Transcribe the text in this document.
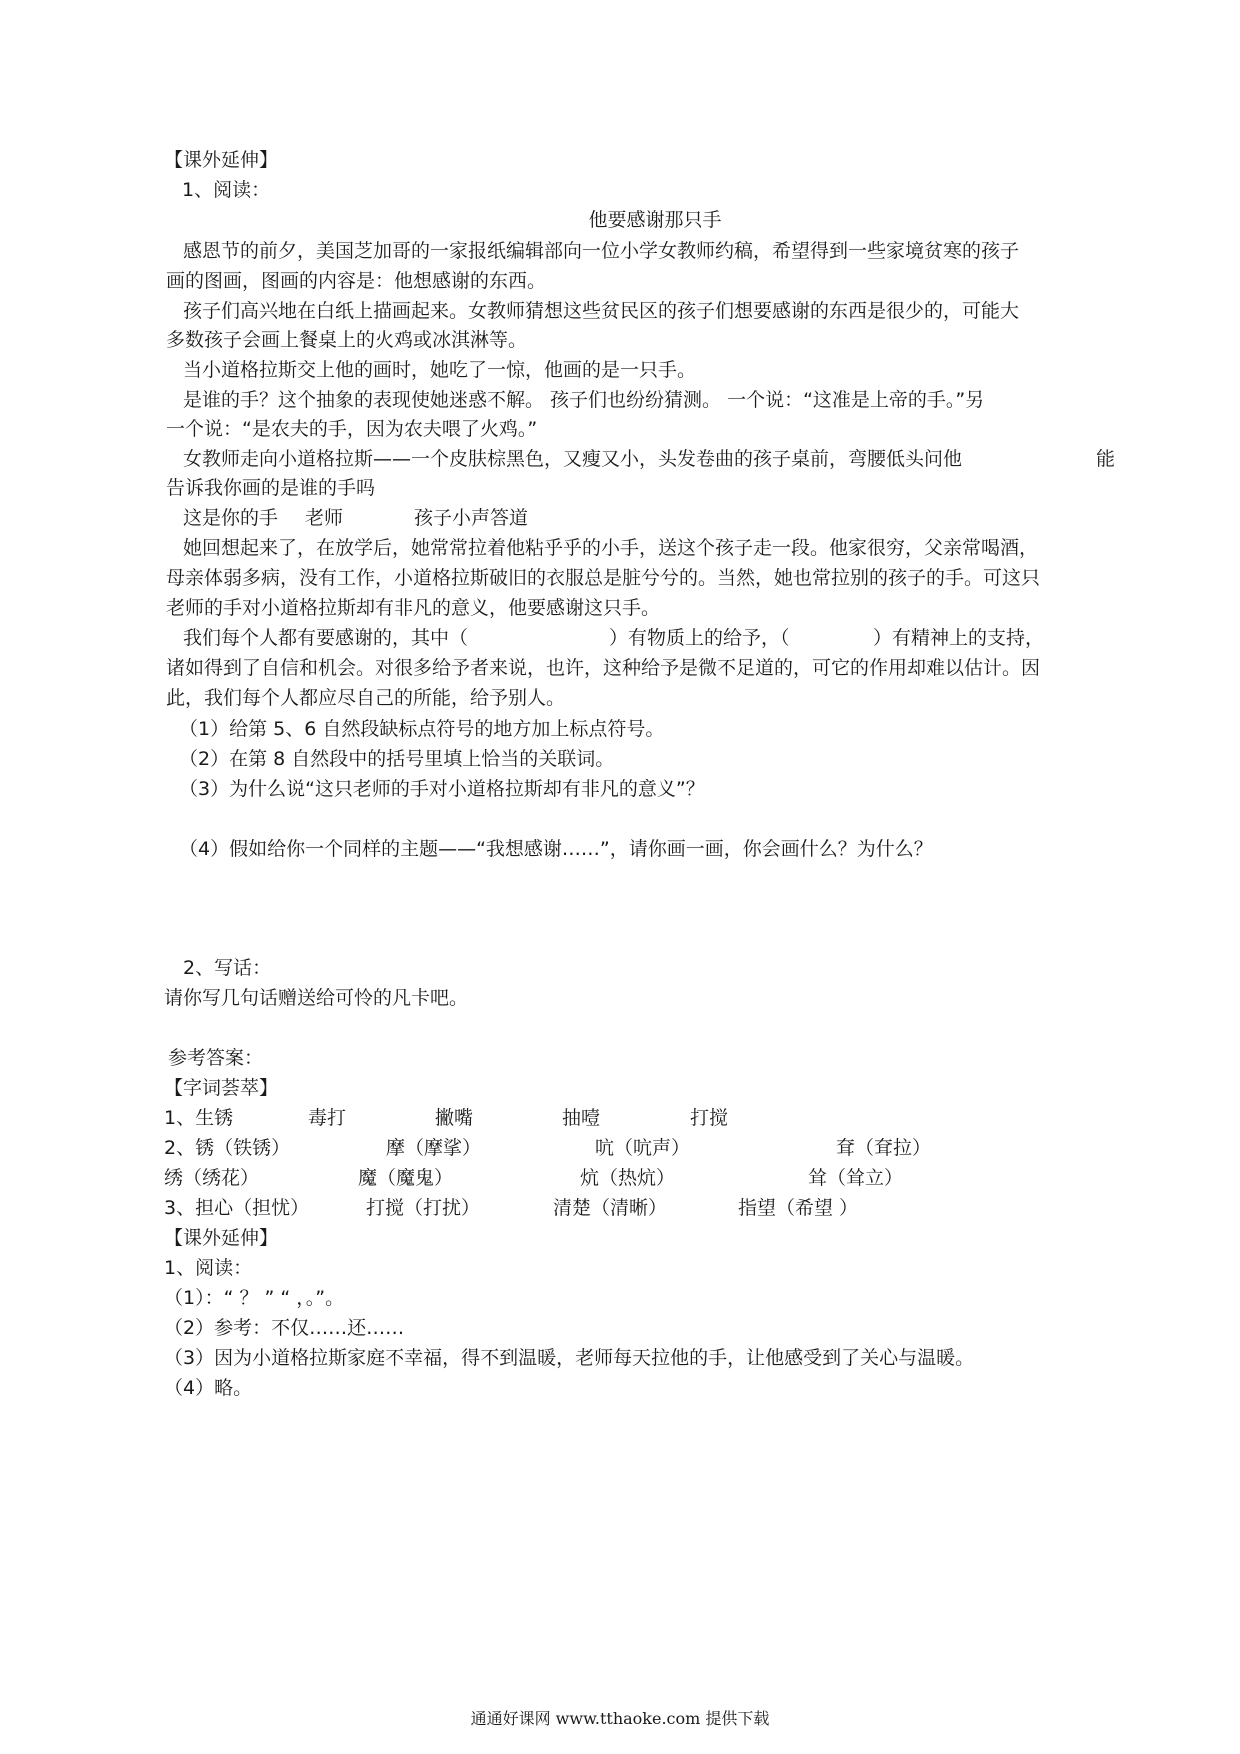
【课外延伸】
1、阅读：
他要感谢那只手
感恩节的前夕，美国芝加哥的一家报纸编辑部向一位小学女教师约稿，希望得到一些家境贫寒的孩子
画的图画，图画的内容是：他想感谢的东西。
孩子们高兴地在白纸上描画起来。女教师猜想这些贫民区的孩子们想要感谢的东西是很少的，可能大
多数孩子会画上餐桌上的火鸡或冰淇淋等。
当小道格拉斯交上他的画时，她吃了一惊，他画的是一只手。
是谁的手？这个抽象的表现使她迷惑不解。 孩子们也纷纷猜测。 一个说：“这准是上帝的手。”另
一个说：“是农夫的手，因为农夫喂了火鸡。”
女教师走向小道格拉斯——一个皮肤棕黑色，又瘦又小，头发卷曲的孩子桌前，弯腰低头问他	能
告诉我你画的是谁的手吗
这是你的手 老师	孩子小声答道
她回想起来了，在放学后，她常常拉着他粘乎乎的小手，送这个孩子走一段。他家很穷，父亲常喝酒，
母亲体弱多病，没有工作，小道格拉斯破旧的衣服总是脏兮兮的。当然，她也常拉别的孩子的手。可这只
老师的手对小道格拉斯却有非凡的意义，他要感谢这只手。
我们每个人都有要感谢的，其中（	）有物质上的给予，（	）有精神上的支持，
诸如得到了自信和机会。对很多给予者来说，也许，这种给予是微不足道的，可它的作用却难以估计。因
此，我们每个人都应尽自己的所能，给予别人。
（1）给第 5、6 自然段缺标点符号的地方加上标点符号。
（2）在第 8 自然段中的括号里填上恰当的关联词。
（3）为什么说“这只老师的手对小道格拉斯却有非凡的意义”？
（4）假如给你一个同样的主题——“我想感谢……”，请你画一画，你会画什么？为什么？
2、写话：
请你写几句话赠送给可怜的凡卡吧。
参考答案：
【字词荟萃】
1、生锈	毒打	撇嘴	抽噎	打搅
2、锈（铁锈）	摩（摩挲）	吭（吭声）	耷（耷拉）
绣（绣花）	魔（魔鬼）	炕（热炕）	耸（耸立）
3、担心（担忧）	打搅（打扰）	清楚（清晰）	指望（希望 ）
【课外延伸】
1、阅读：
（1）：“ ？ ” “ ，。”。
（2）参考：不仅……还……
（3）因为小道格拉斯家庭不幸福，得不到温暖，老师每天拉他的手，让他感受到了关心与温暖。
（4）略。
通通好课网 www.tthaoke.com 提供下载
